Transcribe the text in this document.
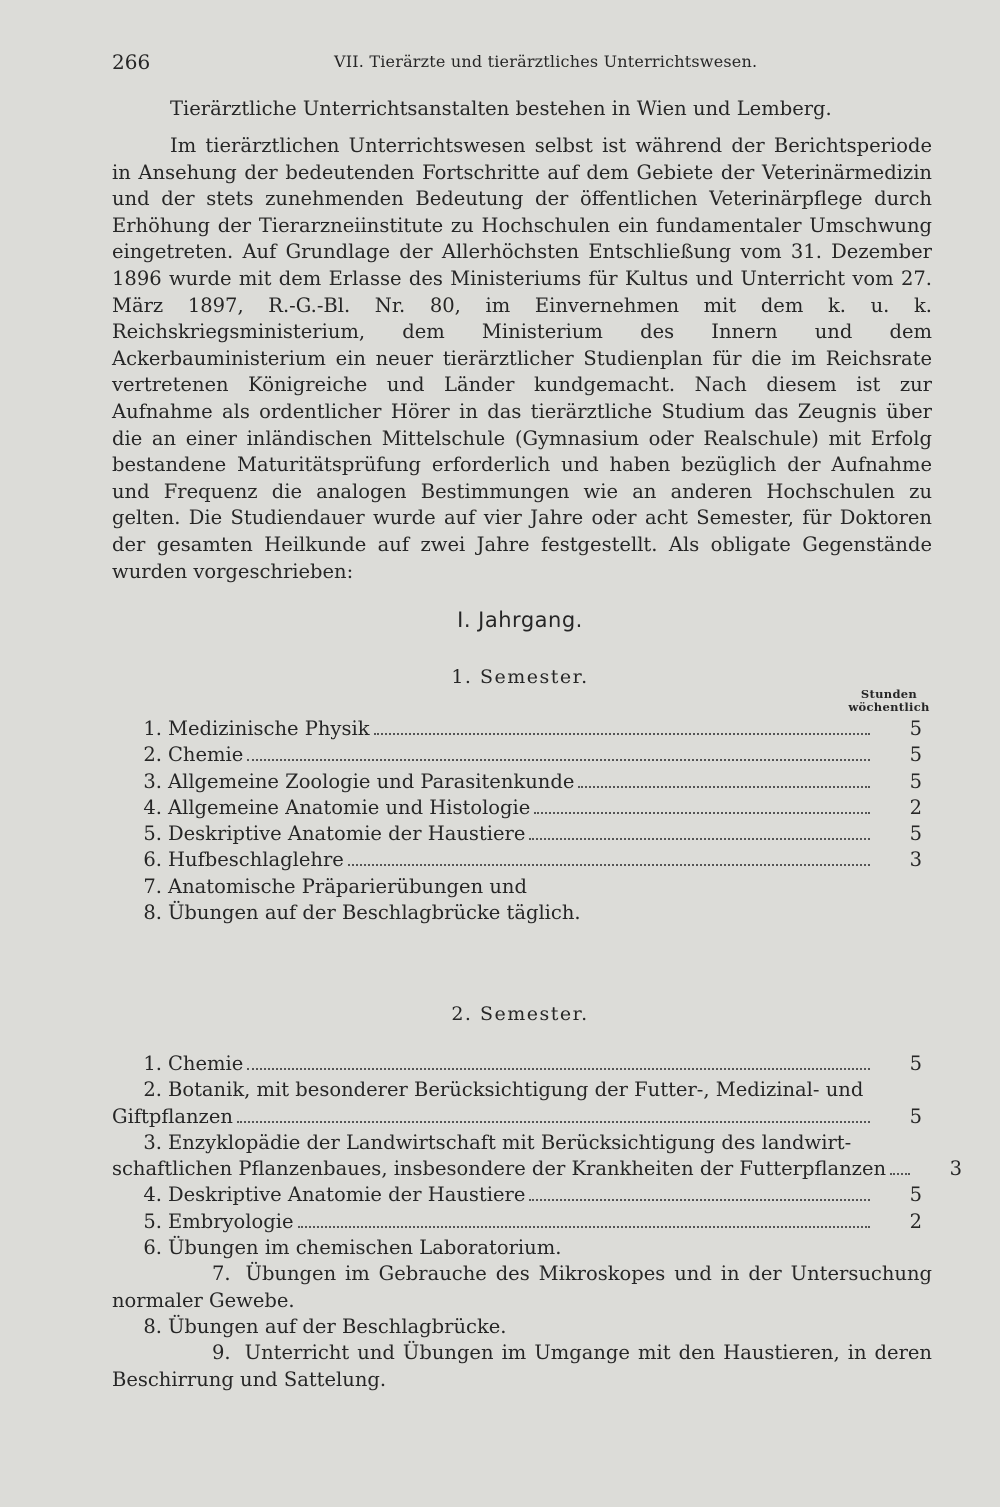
266	VII. Tierärzte und tierärztliches Unterrichtswesen.

Tierärztliche Unterrichtsanstalten bestehen in Wien und Lemberg.

Im tierärztlichen Unterrichtswesen selbst ist während der Berichtsperiode in Ansehung der bedeutenden Fortschritte auf dem Gebiete der Veterinärmedizin und der stets zunehmenden Bedeutung der öffentlichen Veterinärpflege durch Erhöhung der Tierarzneiinstitute zu Hochschulen ein fundamentaler Umschwung eingetreten. Auf Grundlage der Allerhöchsten Entschließung vom 31. Dezember 1896 wurde mit dem Erlasse des Ministeriums für Kultus und Unterricht vom 27. März 1897, R.-G.-Bl. Nr. 80, im Einvernehmen mit dem k. u. k. Reichskriegsministerium, dem Ministerium des Innern und dem Ackerbauministerium ein neuer tierärztlicher Studienplan für die im Reichsrate vertretenen Königreiche und Länder kundgemacht. Nach diesem ist zur Aufnahme als ordentlicher Hörer in das tierärztliche Studium das Zeugnis über die an einer inländischen Mittelschule (Gymnasium oder Realschule) mit Erfolg bestandene Maturitätsprüfung erforderlich und haben bezüglich der Aufnahme und Frequenz die analogen Bestimmungen wie an anderen Hochschulen zu gelten. Die Studiendauer wurde auf vier Jahre oder acht Semester, für Doktoren der gesamten Heilkunde auf zwei Jahre festgestellt. Als obligate Gegenstände wurden vorgeschrieben:

I. Jahrgang.
1. Semester.
Stunden
wöchentlich
1. Medizinische Physik	5
2. Chemie	5
3. Allgemeine Zoologie und Parasitenkunde	5
4. Allgemeine Anatomie und Histologie	2
5. Deskriptive Anatomie der Haustiere	5
6. Hufbeschlaglehre	3
7. Anatomische Präparierübungen und
8. Übungen auf der Beschlagbrücke täglich.
2. Semester.
1. Chemie	5
2. Botanik, mit besonderer Berücksichtigung der Futter-, Medizinal- und
Giftpflanzen	5
3. Enzyklopädie der Landwirtschaft mit Berücksichtigung des landwirt-
schaftlichen Pflanzenbaues, insbesondere der Krankheiten der Futterpflanzen	3
4. Deskriptive Anatomie der Haustiere	5
5. Embryologie	2
6. Übungen im chemischen Laboratorium.
7. Übungen im Gebrauche des Mikroskopes und in der Untersuchung normaler Gewebe.
8. Übungen auf der Beschlagbrücke.
9. Unterricht und Übungen im Umgange mit den Haustieren, in deren Beschirrung und Sattelung.
